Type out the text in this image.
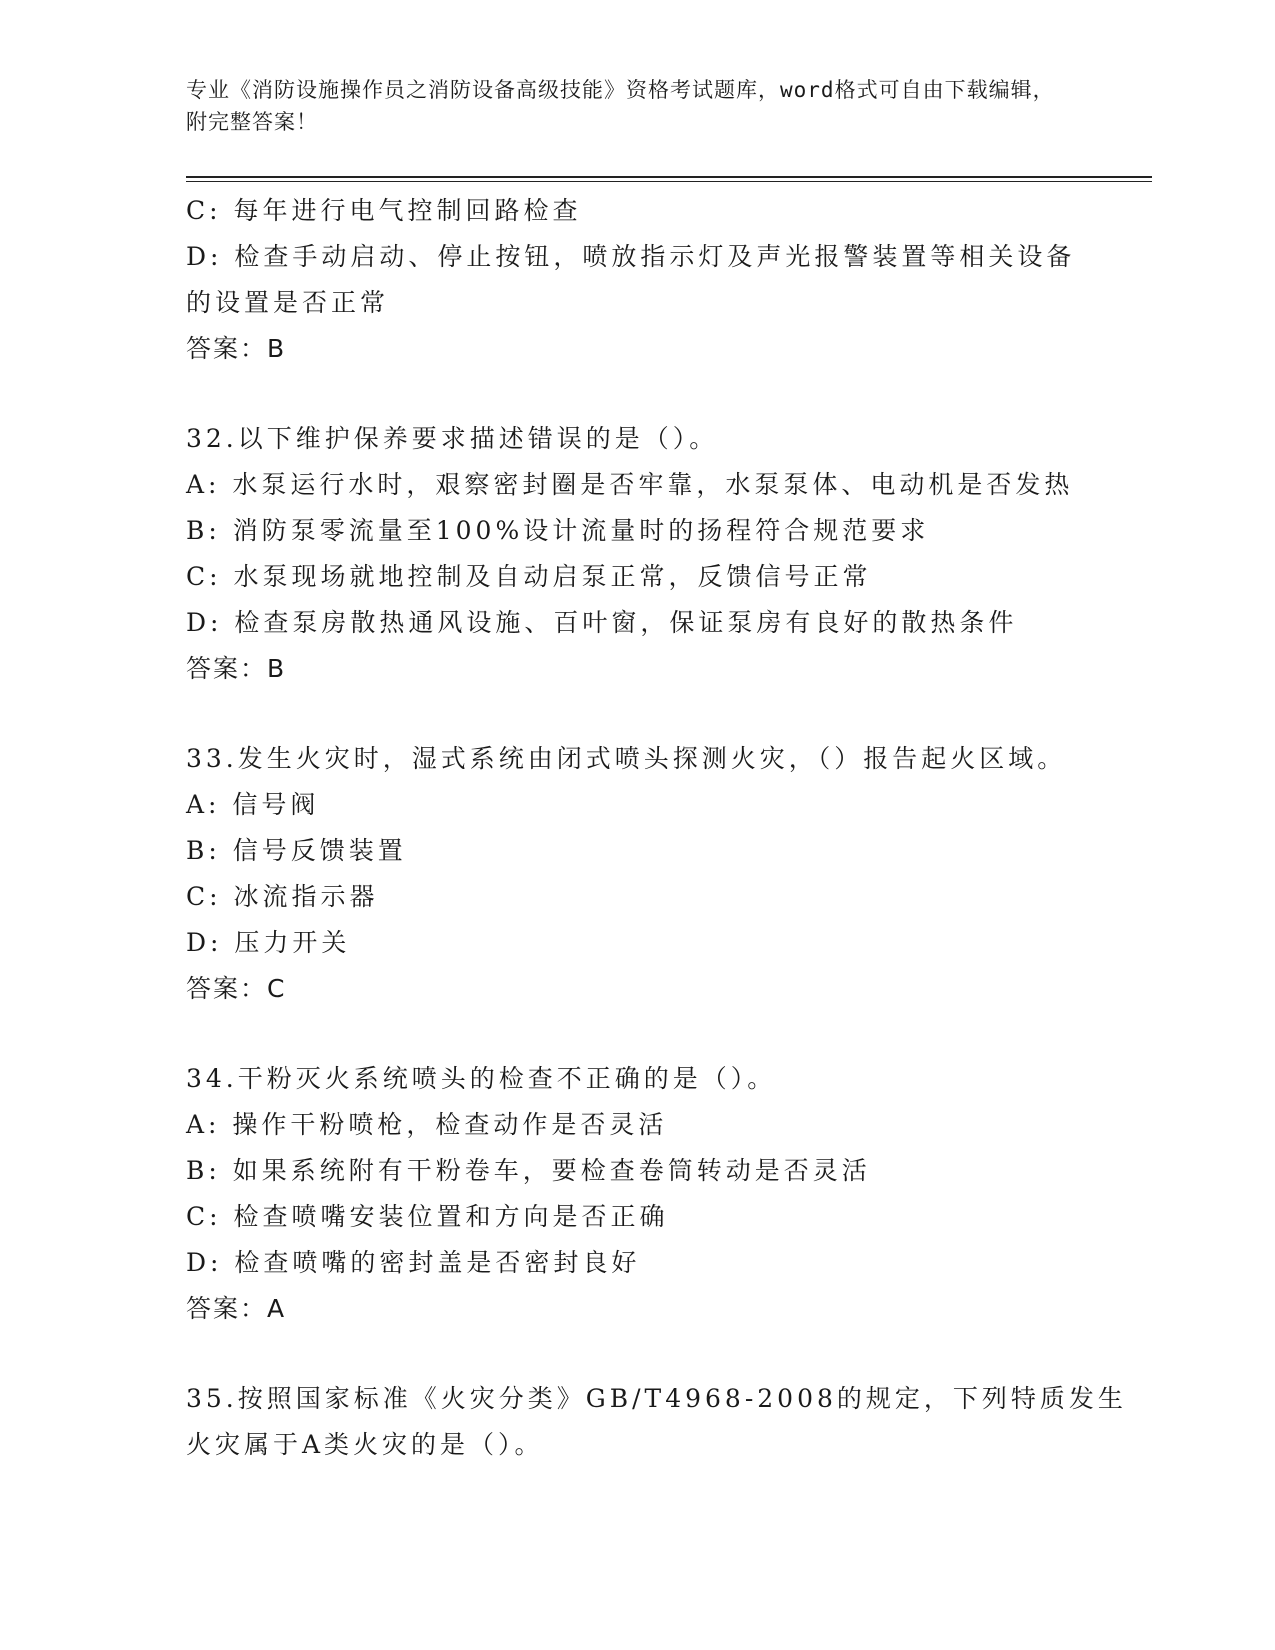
专业《消防设施操作员之消防设备高级技能》资格考试题库，word格式可自由下载编辑，附完整答案！
C: 每年进行电气控制回路检查
D: 检查手动启动、停止按钮，喷放指示灯及声光报警装置等相关设备
的设置是否正常
答案：B
32.以下维护保养要求描述错误的是（）。
A: 水泵运行水时，艰察密封圈是否牢靠，水泵泵体、电动机是否发热
B: 消防泵零流量至100%设计流量时的扬程符合规范要求
C: 水泵现场就地控制及自动启泵正常，反馈信号正常
D: 检查泵房散热通风设施、百叶窗，保证泵房有良好的散热条件
答案：B
33.发生火灾时，湿式系统由闭式喷头探测火灾，（）报告起火区域。
A: 信号阀
B: 信号反馈装置
C: 冰流指示器
D: 压力开关
答案：C
34.干粉灭火系统喷头的检查不正确的是（）。
A: 操作干粉喷枪，检查动作是否灵活
B: 如果系统附有干粉卷车，要检查卷筒转动是否灵活
C: 检查喷嘴安装位置和方向是否正确
D: 检查喷嘴的密封盖是否密封良好
答案：A
35.按照国家标准《火灾分类》GB/T4968-2008的规定，下列特质发生
火灾属于A类火灾的是（）。
